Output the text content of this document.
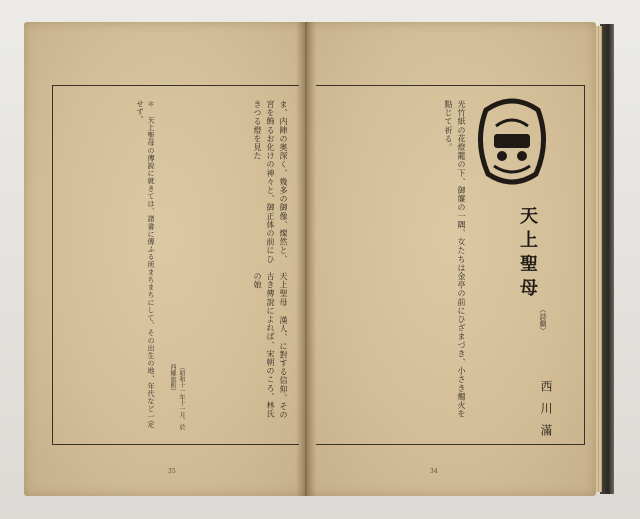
ま、内陣の奥深く、幾多の御像、燦然と、宮を飾るお化けの神々と、御正体の前にひきつる燈を見た
天上聖母 漢人、に對する信仰。その古き傳說によれば、宋朝のころ、林氏の娘
＊ 天上聖母の傳說に就きては、諸書に傳ふる所まちまちにして、その出生の地、年代など一定せず。
（昭和十一年十一月、於西螺旅館）	光竹紙の花燈籠の下、御簾の一隅、女たちは金亭の前にひざまづき、小さき燭火を點じて祈る。
天上聖母
（詩劇）
西川滿
35	34
